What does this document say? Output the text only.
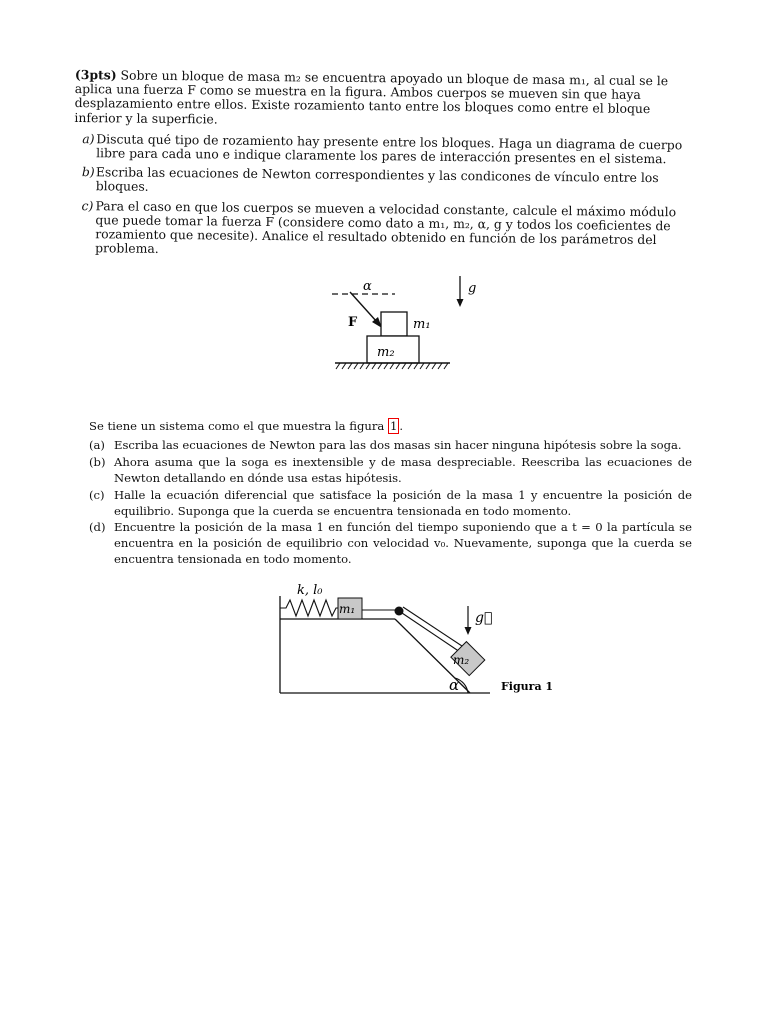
(3pts) Sobre un bloque de masa m₂ se encuentra apoyado un bloque de masa m₁, al cual se le aplica una fuerza F como se muestra en la figura. Ambos cuerpos se mueven sin que haya desplazamiento entre ellos. Existe rozamiento tanto entre los bloques como entre el bloque inferior y la superficie.

a) Discuta qué tipo de rozamiento hay presente entre los bloques. Haga un diagrama de cuerpo libre para cada uno e indique claramente los pares de interacción presentes en el sistema.
b) Escriba las ecuaciones de Newton correspondientes y las condicones de vínculo entre los bloques.
c) Para el caso en que los cuerpos se mueven a velocidad constante, calcule el máximo módulo que puede tomar la fuerza F (considere como dato a m₁, m₂, α, g y todos los coeficientes de rozamiento que necesite). Analice el resultado obtenido en función de los parámetros del problema.
α
F	m₁
m₂
g

Se tiene un sistema como el que muestra la figura 1 .

(a) Escriba las ecuaciones de Newton para las dos masas sin hacer ninguna hipótesis sobre la soga.
(b) Ahora asuma que la soga es inextensible y de masa despreciable. Reescriba las ecuaciones de Newton detallando en dónde usa estas hipótesis.
(c) Halle la ecuación diferencial que satisface la posición de la masa 1 y encuentre la posición de equilibrio. Suponga que la cuerda se encuentra tensionada en todo momento.
(d) Encuentre la posición de la masa 1 en función del tiempo suponiendo que a t = 0 la partícula se encuentra en la posición de equilibrio con velocidad v₀. Nuevamente, suponga que la cuerda se encuentra tensionada en todo momento.
k, l₀
m₁
m₂
g⃗
α	Figura 1
